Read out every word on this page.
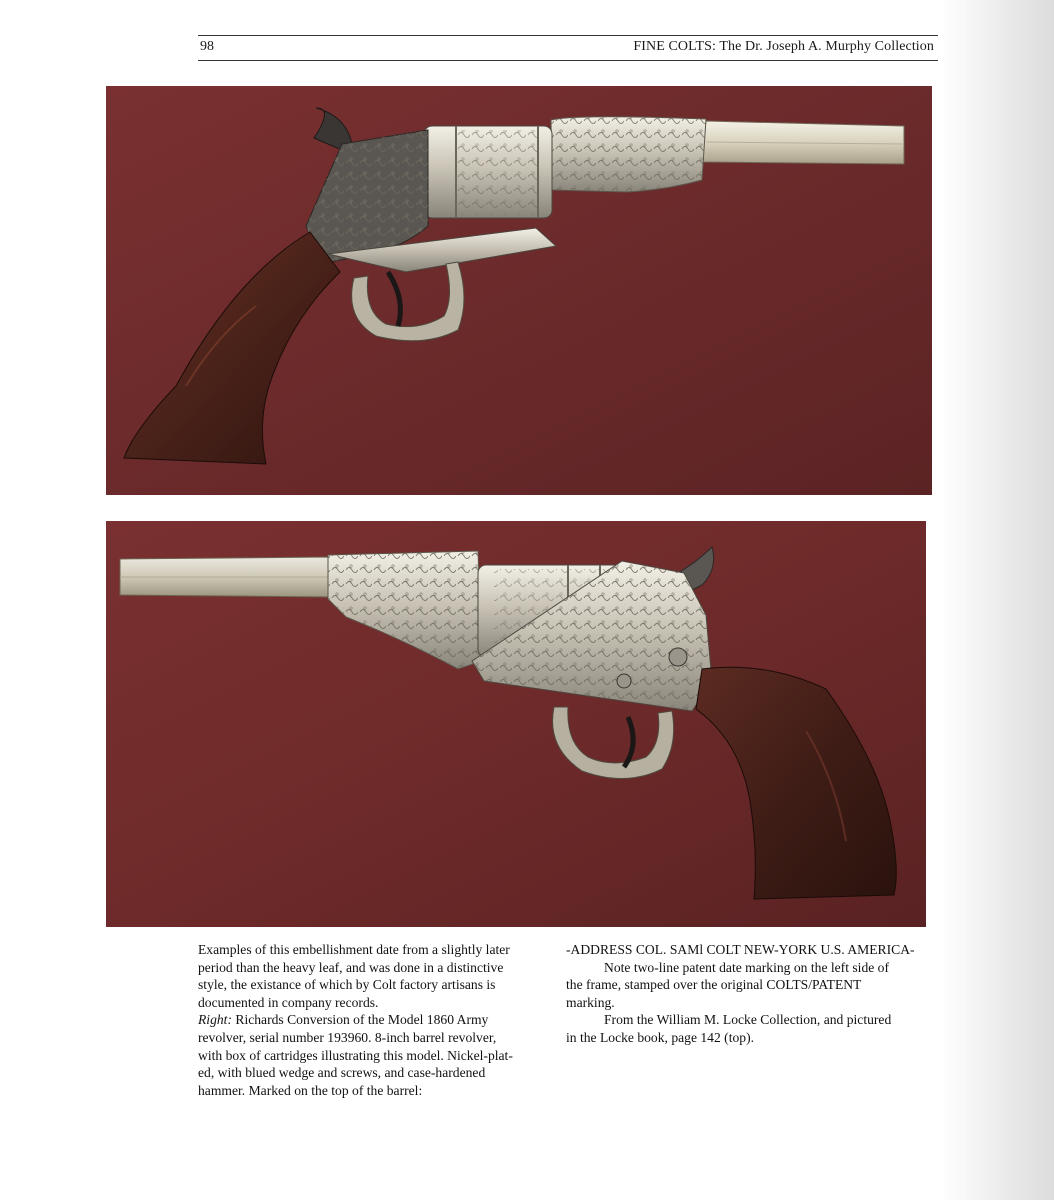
98	FINE COLTS: The Dr. Joseph A. Murphy Collection

Examples of this embellishment date from a slightly later

period than the heavy leaf, and was done in a distinctive

style, the existance of which by Colt factory artisans is

documented in company records.

Right: Richards Conversion of the Model 1860 Army

revolver, serial number 193960. 8-inch barrel revolver,

with box of cartridges illustrating this model. Nickel-plat-

ed, with blued wedge and screws, and case-hardened

hammer. Marked on the top of the barrel:

-ADDRESS COL. SAMl COLT NEW-YORK U.S. AMERICA-

Note two-line patent date marking on the left side of

the frame, stamped over the original COLTS/PATENT

marking.

From the William M. Locke Collection, and pictured

in the Locke book, page 142 (top).
